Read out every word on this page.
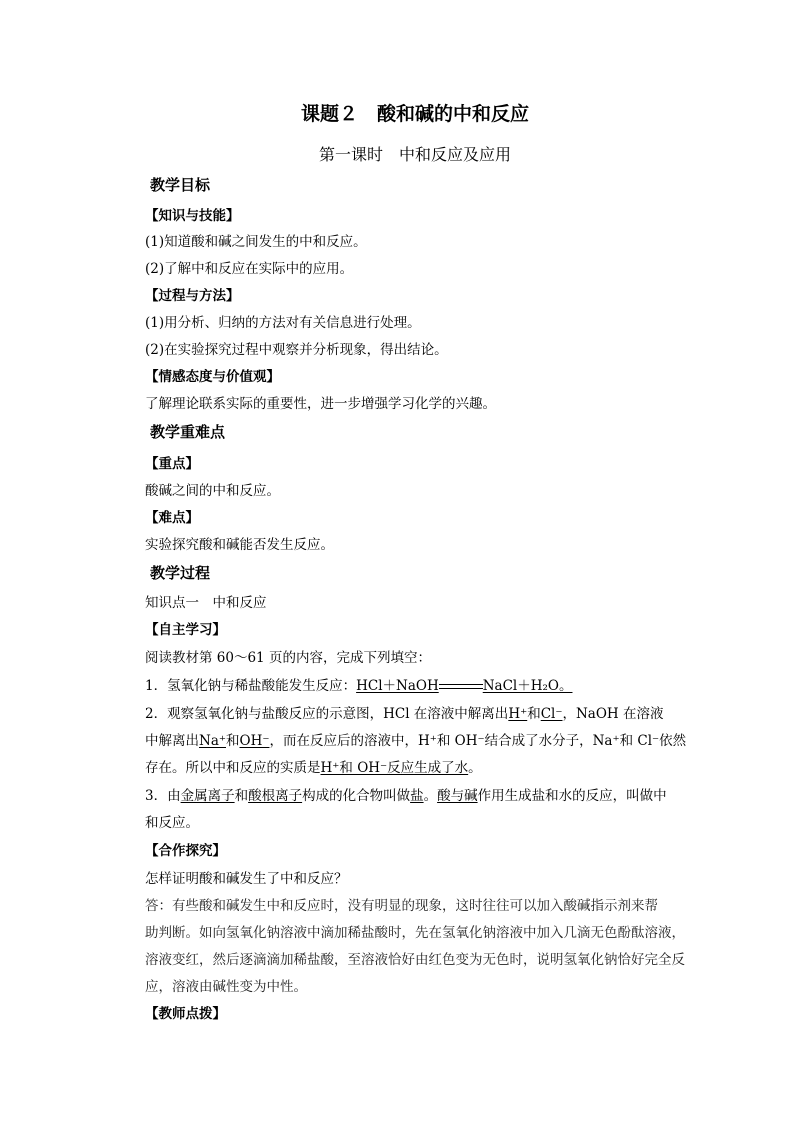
课题２　酸和碱的中和反应
第一课时　中和反应及应用
教学目标
【知识与技能】
(1)知道酸和碱之间发生的中和反应。
(2)了解中和反应在实际中的应用。
【过程与方法】
(1)用分析、归纳的方法对有关信息进行处理。
(2)在实验探究过程中观察并分析现象，得出结论。
【情感态度与价值观】
了解理论联系实际的重要性，进一步增强学习化学的兴趣。
教学重难点
【重点】
酸碱之间的中和反应。
【难点】
实验探究酸和碱能否发生反应。
教学过程
知识点一　中和反应
【自主学习】
阅读教材第 60～61 页的内容，完成下列填空：
1．氢氧化钠与稀盐酸能发生反应：HCl＋NaOH	NaCl＋H₂O。
2．观察氢氧化钠与盐酸反应的示意图，HCl 在溶液中解离出H⁺和Cl⁻，NaOH 在溶液
中解离出Na⁺和OH⁻，而在反应后的溶液中，H⁺和 OH⁻结合成了水分子，Na⁺和 Cl⁻依然
存在。所以中和反应的实质是H⁺和 OH⁻反应生成了水。
3．由金属离子和酸根离子构成的化合物叫做盐。酸与碱作用生成盐和水的反应，叫做中
和反应。
【合作探究】
怎样证明酸和碱发生了中和反应？
答：有些酸和碱发生中和反应时，没有明显的现象，这时往往可以加入酸碱指示剂来帮
助判断。如向氢氧化钠溶液中滴加稀盐酸时，先在氢氧化钠溶液中加入几滴无色酚酞溶液，
溶液变红，然后逐滴滴加稀盐酸，至溶液恰好由红色变为无色时，说明氢氧化钠恰好完全反
应，溶液由碱性变为中性。
【教师点拨】
